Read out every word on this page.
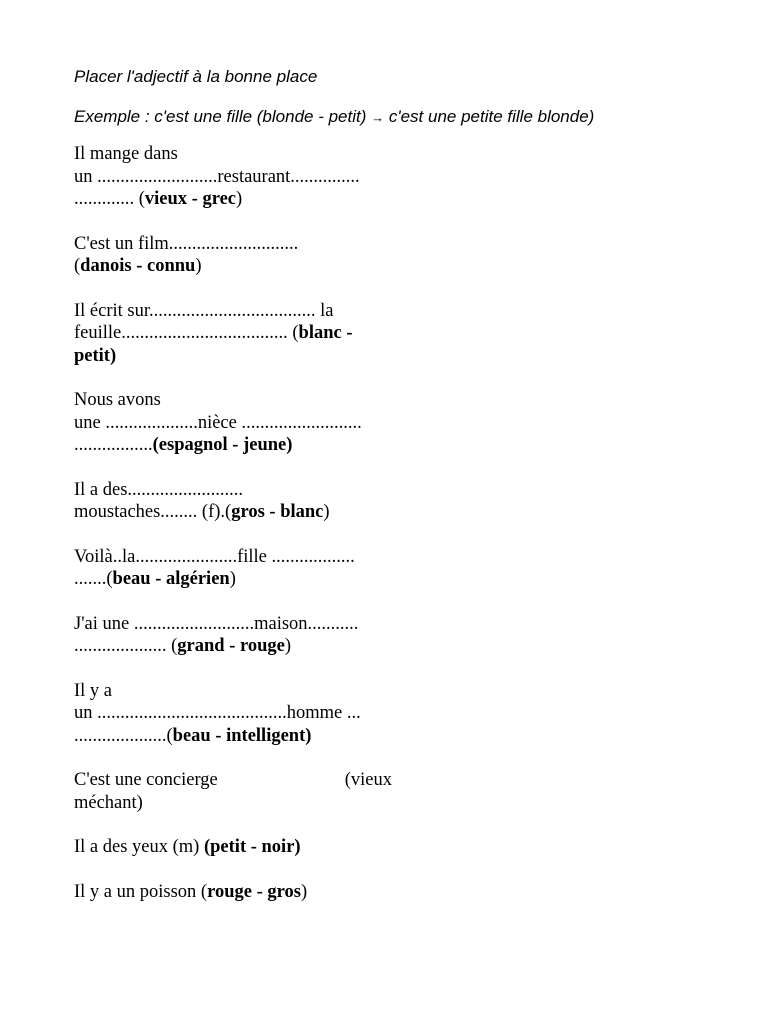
Placer l'adjectif à la bonne place

Exemple : c'est une fille (blonde - petit) → c'est une petite fille blonde)

Il mange dans
un ..........................restaurant...............
............. (vieux - grec)
C'est un film............................
(danois - connu)
Il écrit sur.................................... la
feuille.................................... (blanc -
petit)
Nous avons
une ....................nièce ..........................
.................(espagnol - jeune)
Il a des.........................
moustaches........ (f).(gros - blanc)
Voilà..la......................fille ..................
.......(beau - algérien)
J'ai une ..........................maison...........
.................... (grand - rouge)
Il y a
un .........................................homme ...
....................(beau - intelligent)
C'est une concierge	(vieux
méchant)
Il a des yeux (m) (petit - noir)
Il y a un poisson (rouge - gros)
